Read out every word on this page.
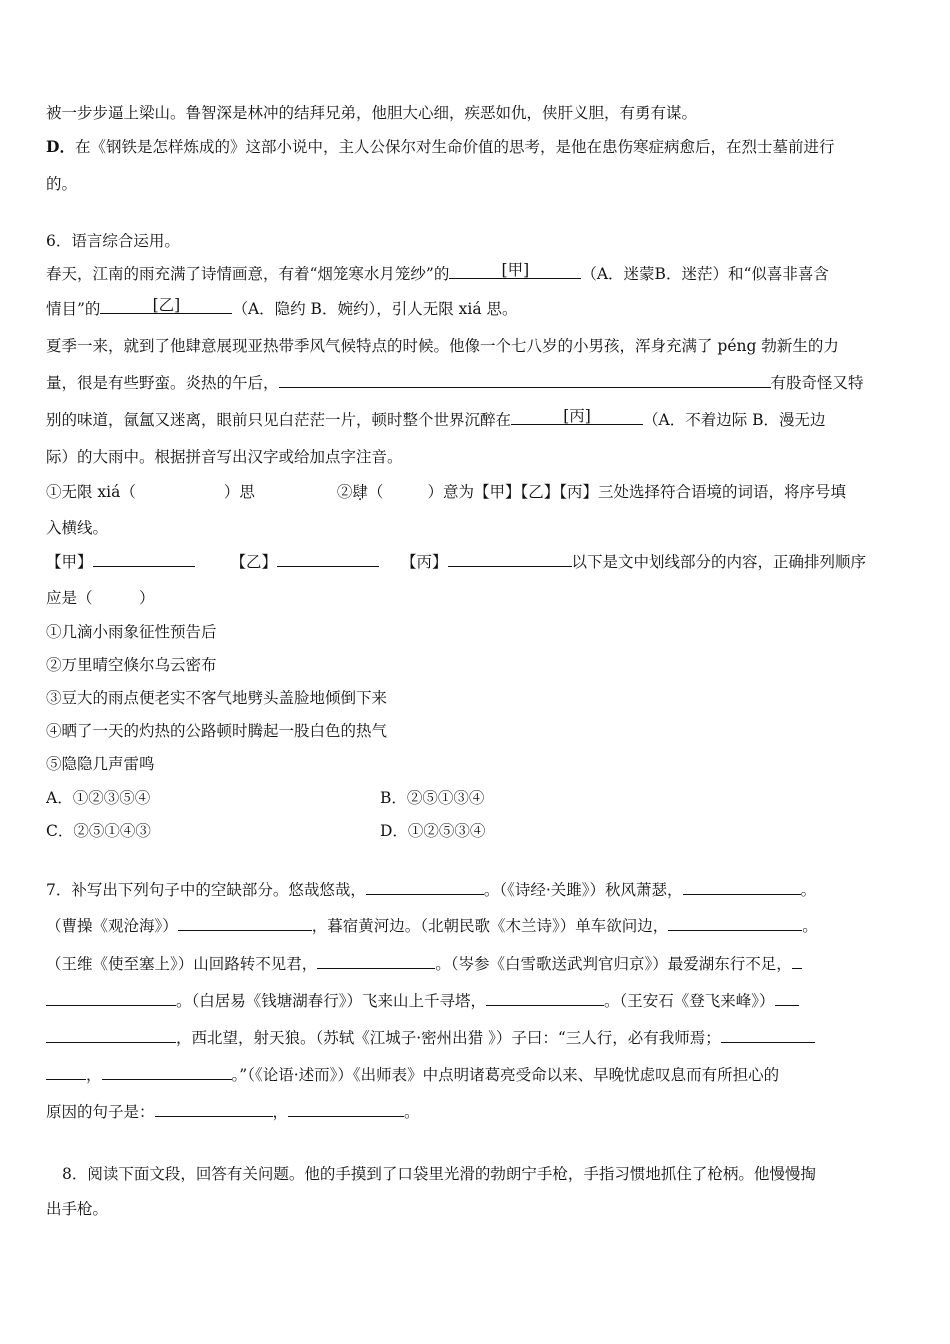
被一步步逼上梁山。鲁智深是林冲的结拜兄弟，他胆大心细，疾恶如仇，侠肝义胆，有勇有谋。
D．在《钢铁是怎样炼成的》这部小说中，主人公保尔对生命价值的思考，是他在患伤寒症病愈后，在烈士墓前进行
的。
6．语言综合运用。
春天，江南的雨充满了诗情画意，有着“烟笼寒水月笼纱”的	[甲]	（A．迷蒙B．迷茫）和“似喜非喜含
情目”的	[乙]	（A．隐约 B．婉约），引人无限 xiá 思。
夏季一来，就到了他肆意展现亚热带季风气候特点的时候。他像一个七八岁的小男孩，浑身充满了 péng 勃新生的力
量，很是有些野蛮。炎热的午后，	有股奇怪又特
别的味道，氤氲又迷离，眼前只见白茫茫一片，顿时整个世界沉醉在	[丙]	（A．不着边际 B．漫无边
际）的大雨中。根据拼音写出汉字或给加点字注音。
①无限 xiá（	）思	②肆（	）意为【甲】【乙】【丙】三处选择符合语境的词语，将序号填
入横线。
【甲】	【乙】	【丙】	以下是文中划线部分的内容，正确排列顺序
应是（　　　）
①几滴小雨象征性预告后
②万里晴空倏尔乌云密布
③豆大的雨点便老实不客气地劈头盖脸地倾倒下来
④晒了一天的灼热的公路顿时腾起一股白色的热气
⑤隐隐几声雷鸣
A．①②③⑤④	B．②⑤①③④
C．②⑤①④③	D．①②⑤③④
7．补写出下列句子中的空缺部分。悠哉悠哉，	。（《诗经·关雎》）秋风萧瑟，	。
（曹操《观沧海》）	，暮宿黄河边。（北朝民歌《木兰诗》）单车欲问边，	。
（王维《使至塞上》）山回路转不见君，	。（岑参《白雪歌送武判官归京》）最爱湖东行不足，
。（白居易《钱塘湖春行》）飞来山上千寻塔，	。（王安石《登飞来峰》）
，西北望，射天狼。（苏轼《江城子·密州出猎 》）子曰：“三人行，必有我师焉；
，	。”（《论语·述而》）《出师表》中点明诸葛亮受命以来、早晚忧虑叹息而有所担心的
原因的句子是：	，	。
8．阅读下面文段，回答有关问题。他的手摸到了口袋里光滑的勃朗宁手枪，手指习惯地抓住了枪柄。他慢慢掏
出手枪。
